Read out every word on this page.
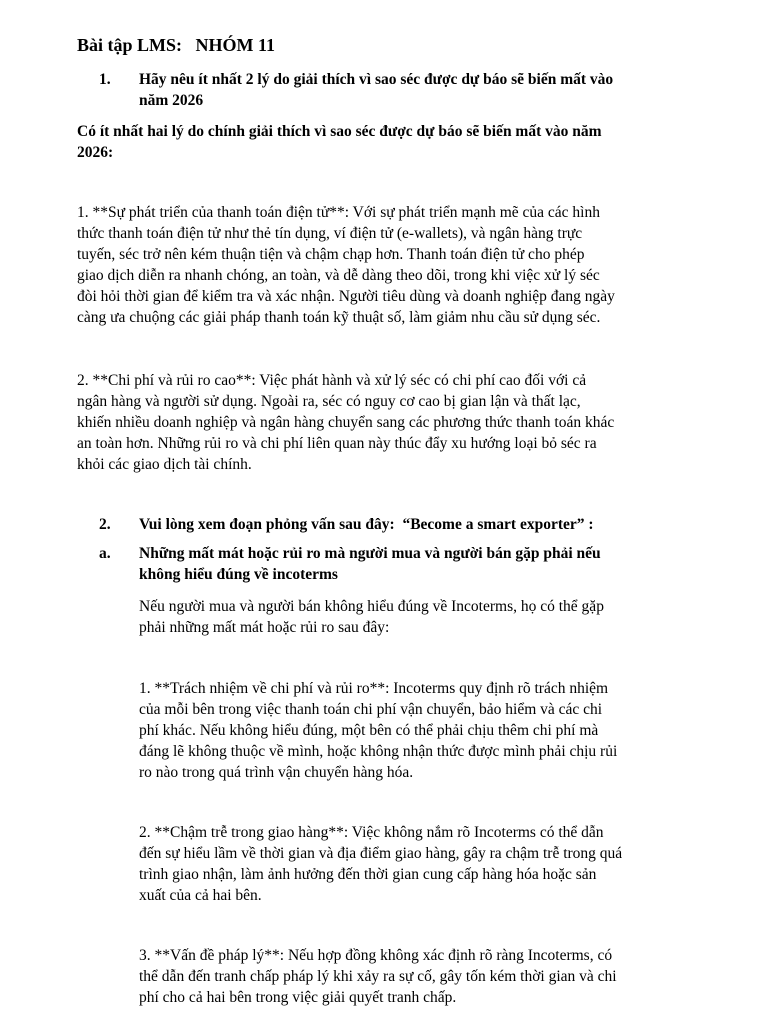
Bài tập LMS:   NHÓM 11
1. Hãy nêu ít nhất 2 lý do giải thích vì sao séc được dự báo sẽ biến mất vào
năm 2026
Có ít nhất hai lý do chính giải thích vì sao séc được dự báo sẽ biến mất vào năm
2026:
1. **Sự phát triển của thanh toán điện tử**: Với sự phát triển mạnh mẽ của các hình
thức thanh toán điện tử như thẻ tín dụng, ví điện tử (e-wallets), và ngân hàng trực
tuyến, séc trở nên kém thuận tiện và chậm chạp hơn. Thanh toán điện tử cho phép
giao dịch diễn ra nhanh chóng, an toàn, và dễ dàng theo dõi, trong khi việc xử lý séc
đòi hỏi thời gian để kiểm tra và xác nhận. Người tiêu dùng và doanh nghiệp đang ngày
càng ưa chuộng các giải pháp thanh toán kỹ thuật số, làm giảm nhu cầu sử dụng séc.
2. **Chi phí và rủi ro cao**: Việc phát hành và xử lý séc có chi phí cao đối với cả
ngân hàng và người sử dụng. Ngoài ra, séc có nguy cơ cao bị gian lận và thất lạc,
khiến nhiều doanh nghiệp và ngân hàng chuyển sang các phương thức thanh toán khác
an toàn hơn. Những rủi ro và chi phí liên quan này thúc đẩy xu hướng loại bỏ séc ra
khỏi các giao dịch tài chính.
2. Vui lòng xem đoạn phỏng vấn sau đây:  “Become a smart exporter” :
a. Những mất mát hoặc rủi ro mà người mua và người bán gặp phải nếu
không hiểu đúng về incoterms
Nếu người mua và người bán không hiểu đúng về Incoterms, họ có thể gặp
phải những mất mát hoặc rủi ro sau đây:
1. **Trách nhiệm về chi phí và rủi ro**: Incoterms quy định rõ trách nhiệm
của mỗi bên trong việc thanh toán chi phí vận chuyển, bảo hiểm và các chi
phí khác. Nếu không hiểu đúng, một bên có thể phải chịu thêm chi phí mà
đáng lẽ không thuộc về mình, hoặc không nhận thức được mình phải chịu rủi
ro nào trong quá trình vận chuyển hàng hóa.
2. **Chậm trễ trong giao hàng**: Việc không nắm rõ Incoterms có thể dẫn
đến sự hiểu lầm về thời gian và địa điểm giao hàng, gây ra chậm trễ trong quá
trình giao nhận, làm ảnh hưởng đến thời gian cung cấp hàng hóa hoặc sản
xuất của cả hai bên.
3. **Vấn đề pháp lý**: Nếu hợp đồng không xác định rõ ràng Incoterms, có
thể dẫn đến tranh chấp pháp lý khi xảy ra sự cố, gây tốn kém thời gian và chi
phí cho cả hai bên trong việc giải quyết tranh chấp.
